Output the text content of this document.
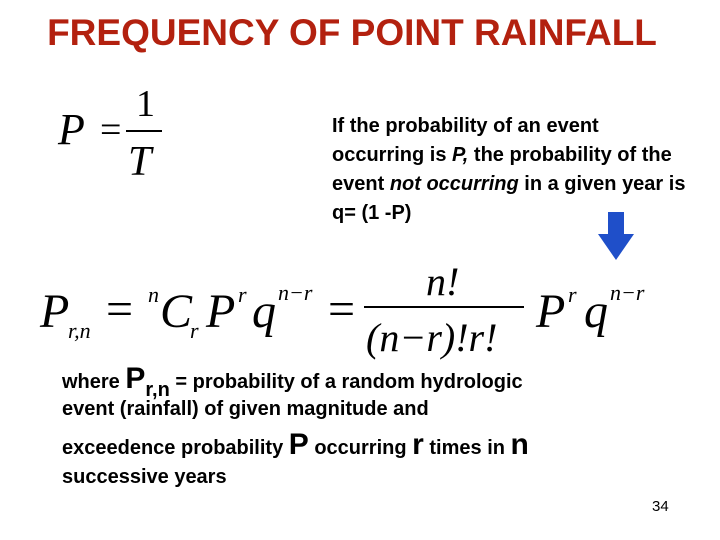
FREQUENCY OF POINT RAINFALL
P =
1
T
If the probability of an event occurring is P, the probability of the event not occurring in a given year is q= (1 -P)
P
r,n = n C
r P r q n−r =
n!
(n−r)!r! P r q n−r
where Pr,n = probability of a random hydrologic
event (rainfall) of given magnitude and
exceedence probability P occurring r times in n
successive years
34
